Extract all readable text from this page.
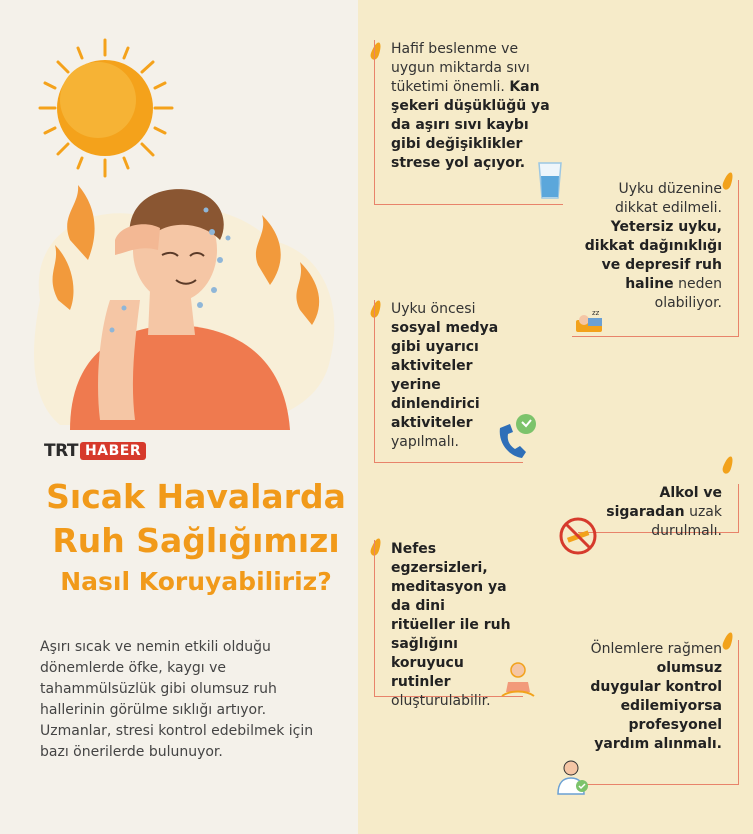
TRT HABER
Sıcak Havalarda
Ruh Sağlığımızı
Nasıl Koruyabiliriz?
Aşırı sıcak ve nemin etkili olduğu dönemlerde öfke, kaygı ve tahammülsüzlük gibi olumsuz ruh hallerinin görülme sıklığı artıyor. Uzmanlar, stresi kontrol edebilmek için bazı önerilerde bulunuyor.
Hafif beslenme ve uygun miktarda sıvı tüketimi önemli. Kan şekeri düşüklüğü ya da aşırı sıvı kaybı gibi değişiklikler strese yol açıyor.
Uyku düzenine dikkat edilmeli. Yetersiz uyku, dikkat dağınıklığı ve depresif ruh haline neden olabiliyor.
zz
Uyku öncesi sosyal medya gibi uyarıcı aktiviteler yerine dinlendirici aktiviteler yapılmalı.
Alkol ve sigaradan uzak durulmalı.
Nefes egzersizleri, meditasyon ya da dini ritüeller ile ruh sağlığını koruyucu rutinler oluşturulabilir.
Önlemlere rağmen olumsuz duygular kontrol edilemiyorsa profesyonel yardım alınmalı.
